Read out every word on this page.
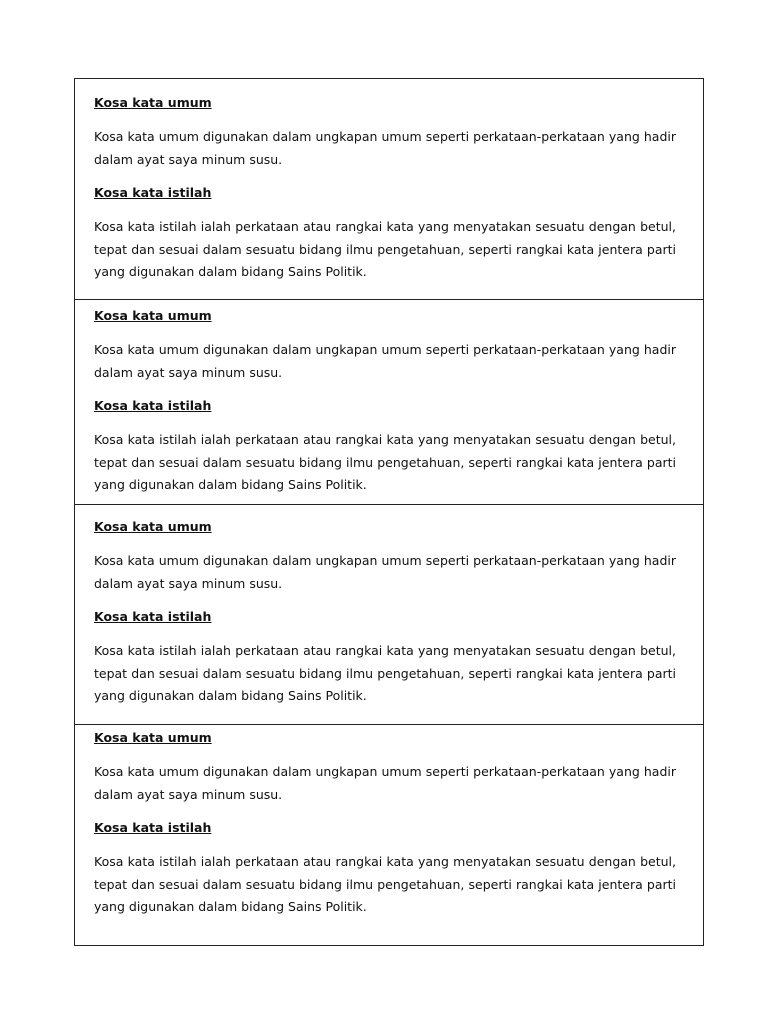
Kosa kata umum

Kosa kata umum digunakan dalam ungkapan umum seperti perkataan-perkataan yang hadir dalam ayat saya minum susu.

Kosa kata istilah

Kosa kata istilah ialah perkataan atau rangkai kata yang menyatakan sesuatu dengan betul, tepat dan sesuai dalam sesuatu bidang ilmu pengetahuan, seperti rangkai kata jentera parti yang digunakan dalam bidang Sains Politik.

Kosa kata umum

Kosa kata umum digunakan dalam ungkapan umum seperti perkataan-perkataan yang hadir dalam ayat saya minum susu.

Kosa kata istilah

Kosa kata istilah ialah perkataan atau rangkai kata yang menyatakan sesuatu dengan betul, tepat dan sesuai dalam sesuatu bidang ilmu pengetahuan, seperti rangkai kata jentera parti yang digunakan dalam bidang Sains Politik.

Kosa kata umum

Kosa kata umum digunakan dalam ungkapan umum seperti perkataan-perkataan yang hadir dalam ayat saya minum susu.

Kosa kata istilah

Kosa kata istilah ialah perkataan atau rangkai kata yang menyatakan sesuatu dengan betul, tepat dan sesuai dalam sesuatu bidang ilmu pengetahuan, seperti rangkai kata jentera parti yang digunakan dalam bidang Sains Politik.

Kosa kata umum

Kosa kata umum digunakan dalam ungkapan umum seperti perkataan-perkataan yang hadir dalam ayat saya minum susu.

Kosa kata istilah

Kosa kata istilah ialah perkataan atau rangkai kata yang menyatakan sesuatu dengan betul, tepat dan sesuai dalam sesuatu bidang ilmu pengetahuan, seperti rangkai kata jentera parti yang digunakan dalam bidang Sains Politik.
